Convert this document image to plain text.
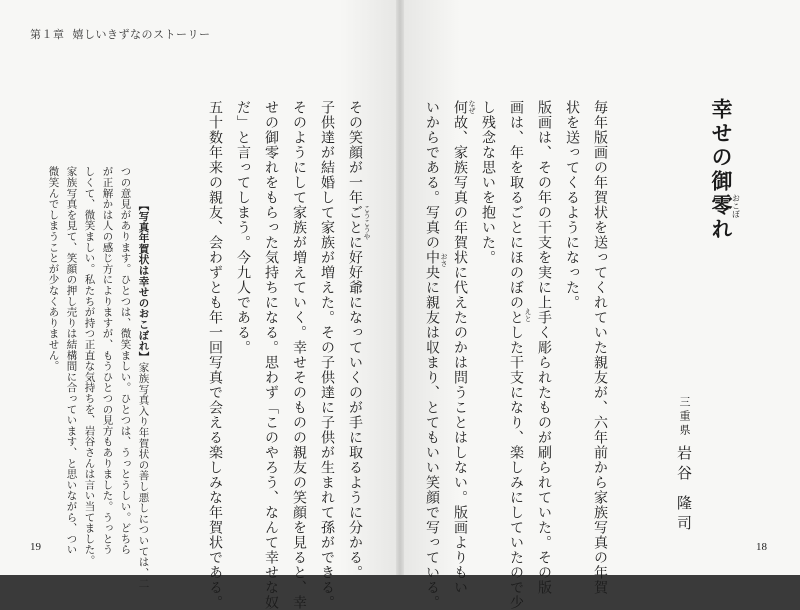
第１章 嬉しいきずなのストーリー
幸せの御零おこぼれ
三重県
岩谷 隆司
毎年版画の年賀状を送ってくれていた親友が、六年前から家族写真の年賀
状を送ってくるようになった。
版画は、その年の干支を実に上手く彫られたものが刷られていた。その版
画は、年を取るごとにほのぼのとした干支になり、楽しみにしていたので少
し残念な思いを抱いた。
何故、家族写真の年賀状に代えたのかは問うことはしない。版画よりもい
いからである。写真の中央に親友は収まり、とてもいい笑顔で写っている。
その笑顔が一年ごとに好好爺になっていくのが手に取るように分かる。
子供達が結婚して家族が増えた。その子供達に子供が生まれて孫ができる。
そのようにして家族が増えていく。幸せそのものの親友の笑顔を見ると、幸
せの御零れをもらった気持ちになる。思わず「このやろう、なんて幸せな奴
だ」と言ってしまう。今九人である。
五十数年来の親友、会わずとも年一回写真で会える楽しみな年賀状である。	えと
なぜ
おさ
こうこうや
【写真年賀状は幸せのおこぼれ】家族写真入り年賀状の善し悪しについては、二
つの意見があります。ひとつは、微笑ましい。ひとつは、うっとうしい。どちら
が正解かは人の感じ方によりますが、もうひとつの見方もありました。うっとう
しくて、微笑ましい。私たちが持つ正直な気持ちを、岩谷さんは言い当てました。
家族写真を見て、笑顔の押し売りは結構間に合っています、と思いながら、つい
微笑んでしまうことが少なくありません。
19	18
